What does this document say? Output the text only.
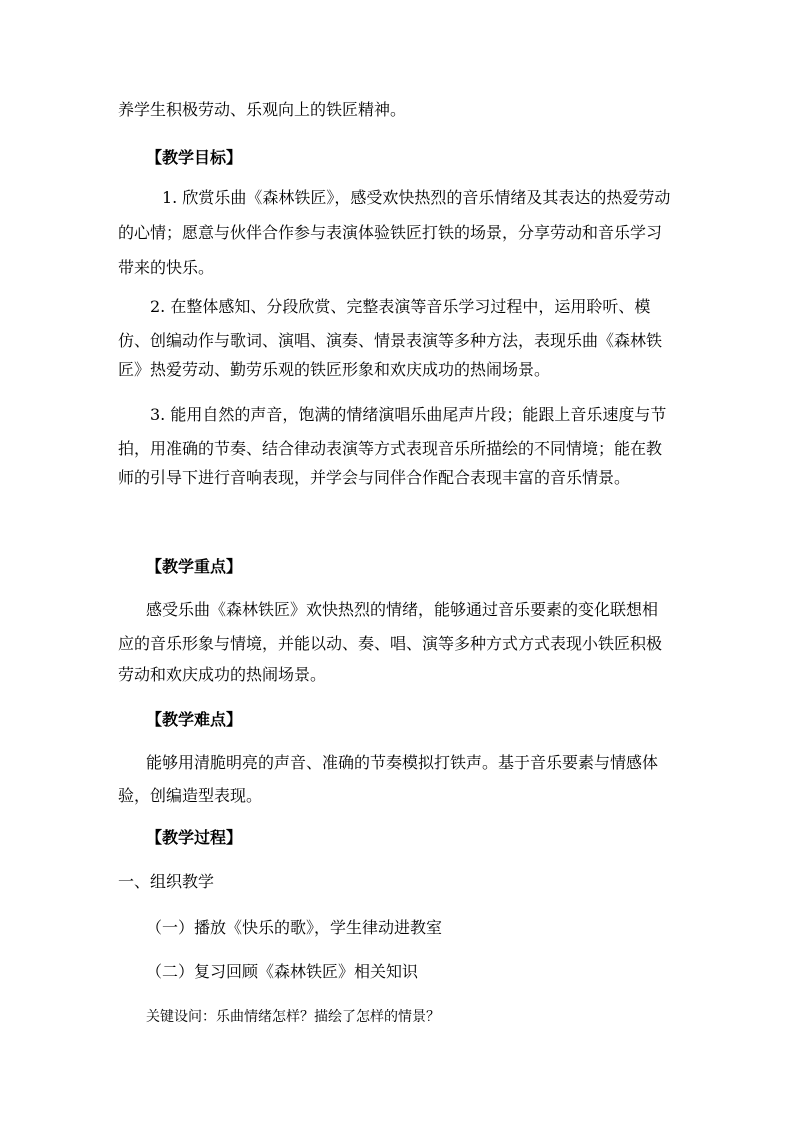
养学生积极劳动、乐观向上的铁匠精神。
【教学目标】
1. 欣赏乐曲《森林铁匠》，感受欢快热烈的音乐情绪及其表达的热爱劳动
的心情；愿意与伙伴合作参与表演体验铁匠打铁的场景，分享劳动和音乐学习
带来的快乐。
2. 在整体感知、分段欣赏、完整表演等音乐学习过程中，运用聆听、模
仿、创编动作与歌词、演唱、演奏、情景表演等多种方法，表现乐曲《森林铁
匠》热爱劳动、勤劳乐观的铁匠形象和欢庆成功的热闹场景。
3. 能用自然的声音，饱满的情绪演唱乐曲尾声片段；能跟上音乐速度与节
拍，用准确的节奏、结合律动表演等方式表现音乐所描绘的不同情境；能在教
师的引导下进行音响表现，并学会与同伴合作配合表现丰富的音乐情景。
【教学重点】
感受乐曲《森林铁匠》欢快热烈的情绪，能够通过音乐要素的变化联想相
应的音乐形象与情境，并能以动、奏、唱、演等多种方式方式表现小铁匠积极
劳动和欢庆成功的热闹场景。
【教学难点】
能够用清脆明亮的声音、准确的节奏模拟打铁声。基于音乐要素与情感体
验，创编造型表现。
【教学过程】
一、组织教学
（一）播放《快乐的歌》，学生律动进教室
（二）复习回顾《森林铁匠》相关知识
关键设问：乐曲情绪怎样？描绘了怎样的情景？
